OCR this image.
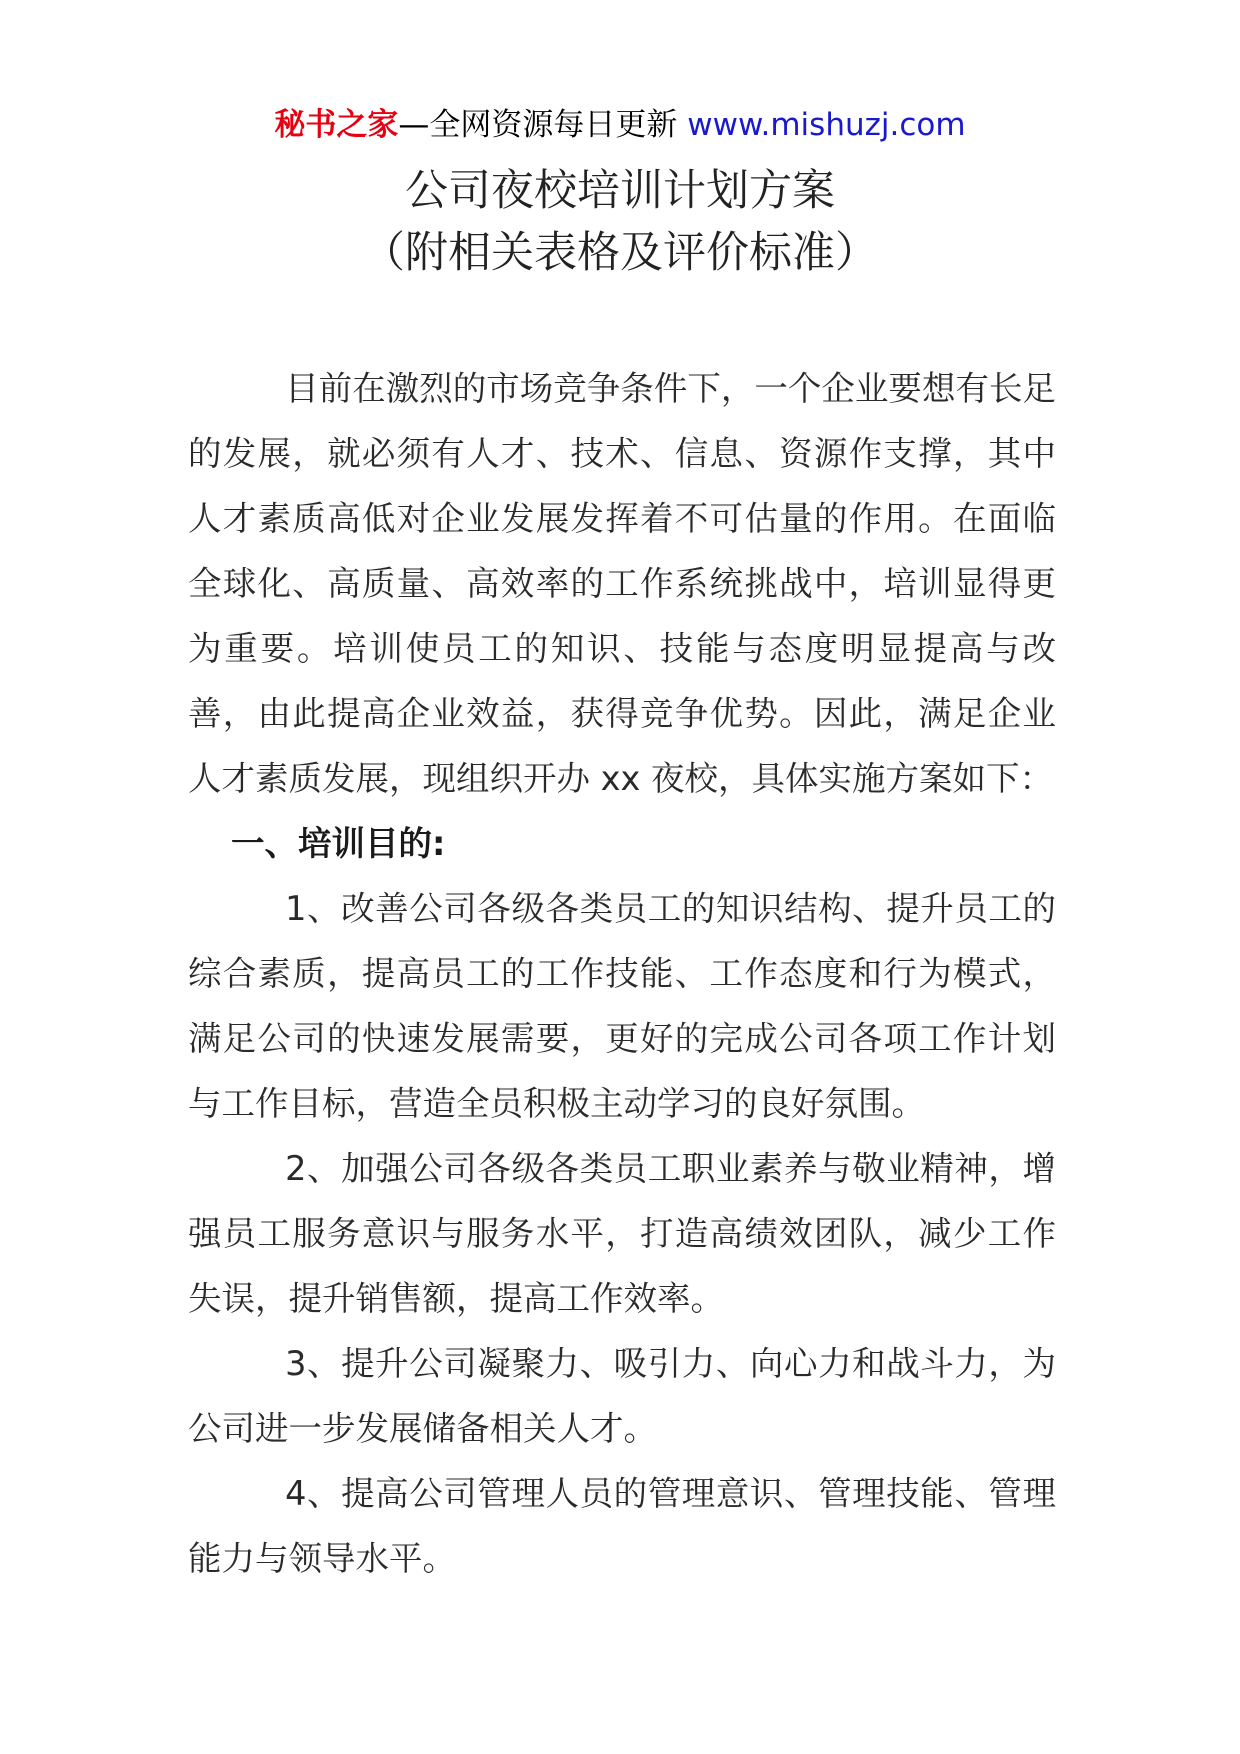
秘书之家—全网资源每日更新 www.mishuzj.com
公司夜校培训计划方案
（附相关表格及评价标准）

目前在激烈的市场竞争条件下，一个企业要想有长足的发展，就必须有人才、技术、信息、资源作支撑，其中人才素质高低对企业发展发挥着不可估量的作用。在面临全球化、高质量、高效率的工作系统挑战中，培训显得更为重要。培训使员工的知识、技能与态度明显提高与改善，由此提高企业效益，获得竞争优势。因此，满足企业人才素质发展，现组织开办 xx 夜校，具体实施方案如下：

一、培训目的:

1、改善公司各级各类员工的知识结构、提升员工的综合素质，提高员工的工作技能、工作态度和行为模式，满足公司的快速发展需要，更好的完成公司各项工作计划与工作目标，营造全员积极主动学习的良好氛围。

2、加强公司各级各类员工职业素养与敬业精神，增强员工服务意识与服务水平，打造高绩效团队，减少工作失误，提升销售额，提高工作效率。

3、提升公司凝聚力、吸引力、向心力和战斗力，为公司进一步发展储备相关人才。

4、提高公司管理人员的管理意识、管理技能、管理能力与领导水平。
